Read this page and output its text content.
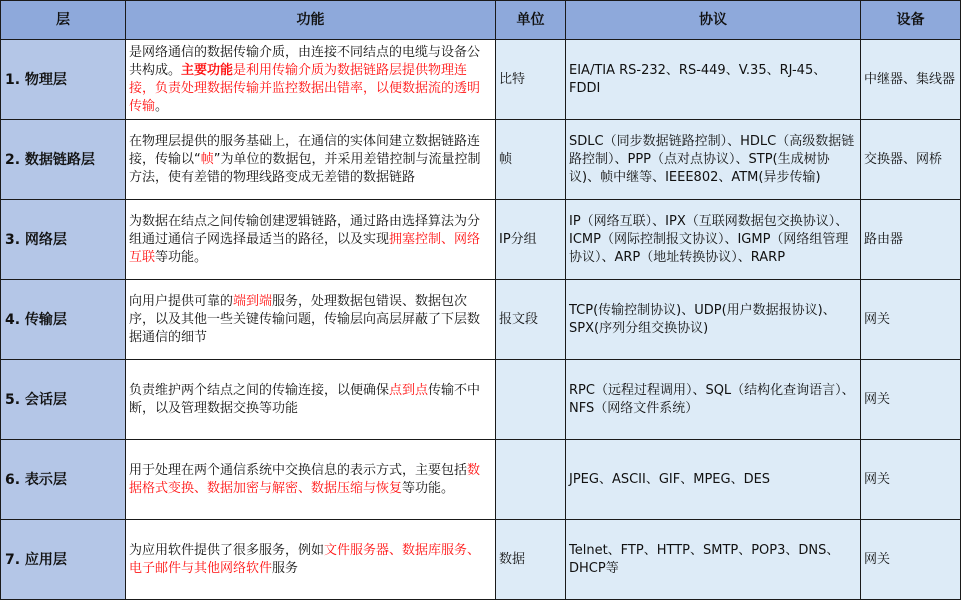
层	功能	单位	协议	设备
1. 物理层	是网络通信的数据传输介质，由连接不同结点的电缆与设备公共构成。主要功能是利用传输介质为数据链路层提供物理连接，负责处理数据传输并监控数据出错率，以便数据流的透明传输。	比特	EIA/TIA RS-232、RS-449、V.35、RJ-45、FDDI	中继器、集线器
2. 数据链路层	在物理层提供的服务基础上，在通信的实体间建立数据链路连接，传输以“帧”为单位的数据包，并采用差错控制与流量控制方法，使有差错的物理线路变成无差错的数据链路	帧	SDLC（同步数据链路控制）、HDLC（高级数据链路控制）、PPP（点对点协议）、STP(生成树协议)、帧中继等、IEEE802、ATM(异步传输)	交换器、网桥
3. 网络层	为数据在结点之间传输创建逻辑链路，通过路由选择算法为分组通过通信子网选择最适当的路径，以及实现拥塞控制、网络互联等功能。	IP分组	IP（网络互联）、IPX（互联网数据包交换协议）、ICMP（网际控制报文协议）、IGMP（网络组管理协议）、ARP（地址转换协议）、RARP	路由器
4. 传输层	向用户提供可靠的端到端服务，处理数据包错误、数据包次序，以及其他一些关键传输问题，传输层向高层屏蔽了下层数据通信的细节	报文段	TCP(传输控制协议)、UDP(用户数据报协议)、SPX(序列分组交换协议)	网关
5. 会话层	负责维护两个结点之间的传输连接，以便确保点到点传输不中断，以及管理数据交换等功能		RPC（远程过程调用）、SQL（结构化查询语言）、NFS（网络文件系统）	网关
6. 表示层	用于处理在两个通信系统中交换信息的表示方式，主要包括数据格式变换、数据加密与解密、数据压缩与恢复等功能。		JPEG、ASCII、GIF、MPEG、DES	网关
7. 应用层	为应用软件提供了很多服务，例如文件服务器、数据库服务、电子邮件与其他网络软件服务	数据	Telnet、FTP、HTTP、SMTP、POP3、DNS、DHCP等	网关
